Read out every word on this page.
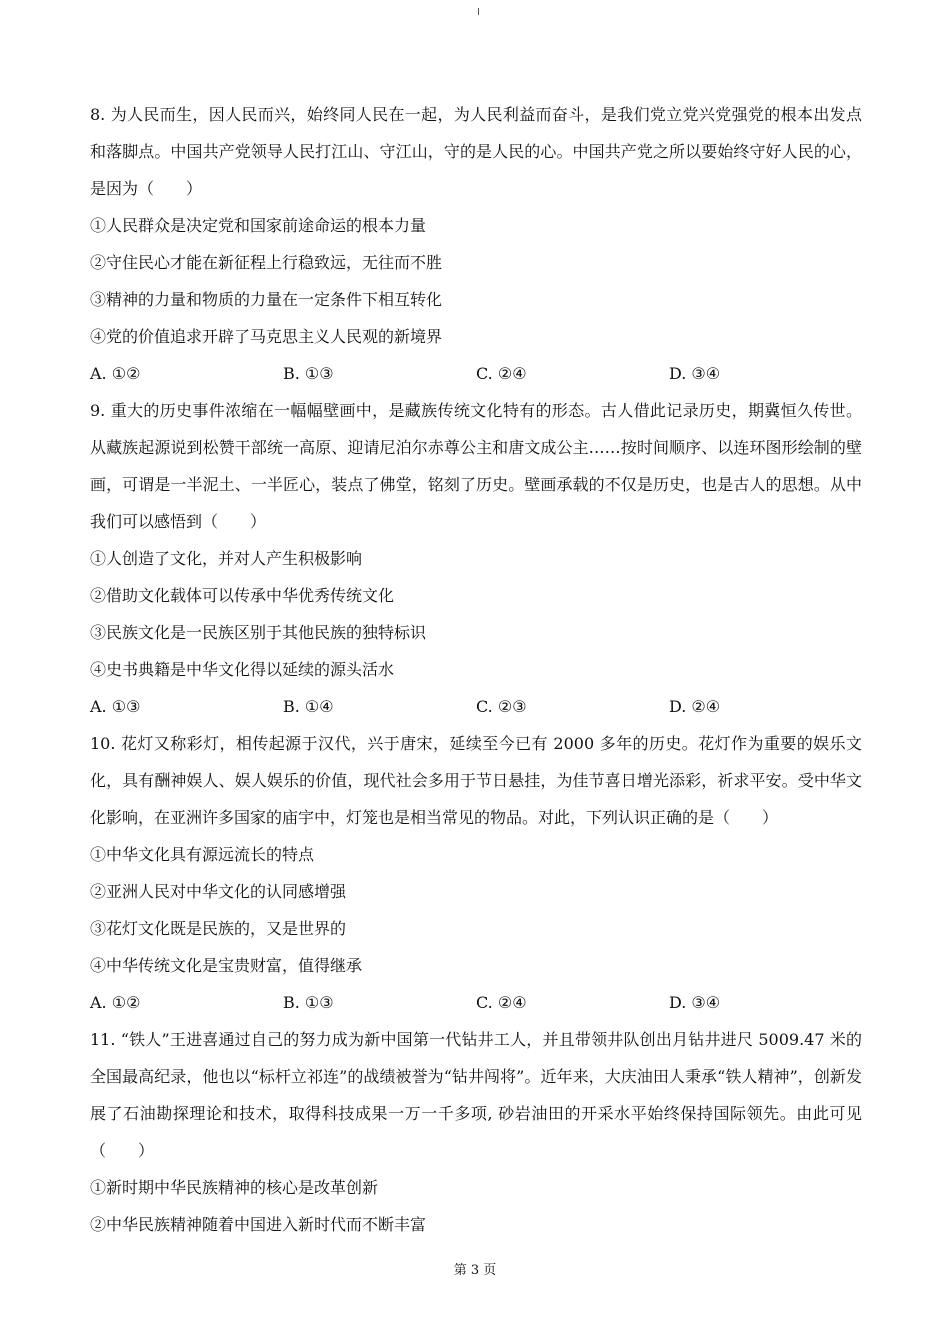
8. 为人民而生，因人民而兴，始终同人民在一起，为人民利益而奋斗，是我们党立党兴党强党的根本出发点和落脚点。中国共产党领导人民打江山、守江山，守的是人民的心。中国共产党之所以要始终守好人民的心，是因为（　　）

①人民群众是决定党和国家前途命运的根本力量

②守住民心才能在新征程上行稳致远，无往而不胜

③精神的力量和物质的力量在一定条件下相互转化

④党的价值追求开辟了马克思主义人民观的新境界

A. ①②	B. ①③	C. ②④	D. ③④

9. 重大的历史事件浓缩在一幅幅壁画中，是藏族传统文化特有的形态。古人借此记录历史，期冀恒久传世。从藏族起源说到松赞干部统一高原、迎请尼泊尔赤尊公主和唐文成公主……按时间顺序、以连环图形绘制的壁画，可谓是一半泥土、一半匠心，装点了佛堂，铭刻了历史。壁画承载的不仅是历史，也是古人的思想。从中我们可以感悟到（　　）

①人创造了文化，并对人产生积极影响

②借助文化载体可以传承中华优秀传统文化

③民族文化是一民族区别于其他民族的独特标识

④史书典籍是中华文化得以延续的源头活水

A. ①③	B. ①④	C. ②③	D. ②④

10. 花灯又称彩灯，相传起源于汉代，兴于唐宋，延续至今已有 2000 多年的历史。花灯作为重要的娱乐文化，具有酬神娱人、娱人娱乐的价值，现代社会多用于节日悬挂，为佳节喜日增光添彩，祈求平安。受中华文化影响，在亚洲许多国家的庙宇中，灯笼也是相当常见的物品。对此，下列认识正确的是（　　）

①中华文化具有源远流长的特点

②亚洲人民对中华文化的认同感增强

③花灯文化既是民族的，又是世界的

④中华传统文化是宝贵财富，值得继承

A. ①②	B. ①③	C. ②④	D. ③④

11. “铁人”王进喜通过自己的努力成为新中国第一代钻井工人，并且带领井队创出月钻井进尺 5009.47 米的全国最高纪录，他也以“标杆立祁连”的战绩被誉为“钻井闯将”。近年来，大庆油田人秉承“铁人精神”，创新发展了石油勘探理论和技术，取得科技成果一万一千多项, 砂岩油田的开采水平始终保持国际领先。由此可见（　　）

①新时期中华民族精神的核心是改革创新

②中华民族精神随着中国进入新时代而不断丰富

第 3 页
